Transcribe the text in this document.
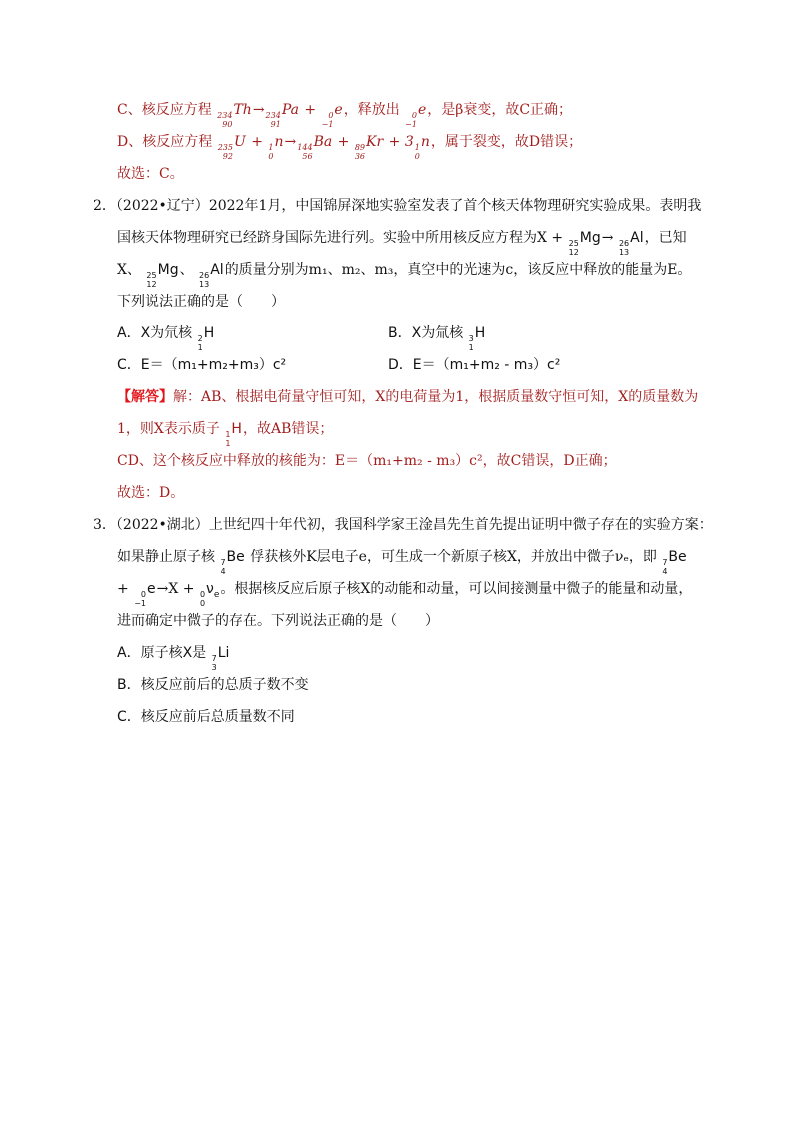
C、核反应方程 234
90
Th→ 234
91
Pa + 0
−1
e，释放出	0
−1
e，是β衰变，故C正确；
D、核反应方程 235
92
U + 1
0
n→ 144
56
Ba + 89
36
Kr + 3 1
0
n，属于裂变，故D错误；
故选：C。
2．（2022•辽宁）2022年1月，中国锦屏深地实验室发表了首个核天体物理研究实验成果。表明我
国核天体物理研究已经跻身国际先进行列。实验中所用核反应方程为X + 25
12
Mg→ 26
13
Al，已知
X、 25
12
Mg、 26
13
Al的质量分别为m₁、m₂、m₃，真空中的光速为c，该反应中释放的能量为E。
下列说法正确的是（　　）
A．X为氘核 2
1
H	B．X为氚核 3
1
H
C．E＝（m₁+m₂+m₃）c²	D．E＝（m₁+m₂ - m₃）c²
【解答】解：AB、根据电荷量守恒可知，X的电荷量为1，根据质量数守恒可知，X的质量数为
1，则X表示质子 1
1
H，故AB错误；
CD、这个核反应中释放的核能为：E＝（m₁+m₂ - m₃）c²，故C错误，D正确；
故选：D。
3．（2022•湖北）上世纪四十年代初，我国科学家王淦昌先生首先提出证明中微子存在的实验方案：
如果静止原子核 7
4
Be 俘获核外K层电子e，可生成一个新原子核X，并放出中微子νₑ，即 7
4
Be
+	0
−1
e→X + 0
0
$\nu_e$。根据核反应后原子核X的动能和动量，可以间接测量中微子的能量和动量，
进而确定中微子的存在。下列说法正确的是（　　）
A．原子核X是 7
3
Li
B．核反应前后的总质子数不变
C．核反应前后总质量数不同
